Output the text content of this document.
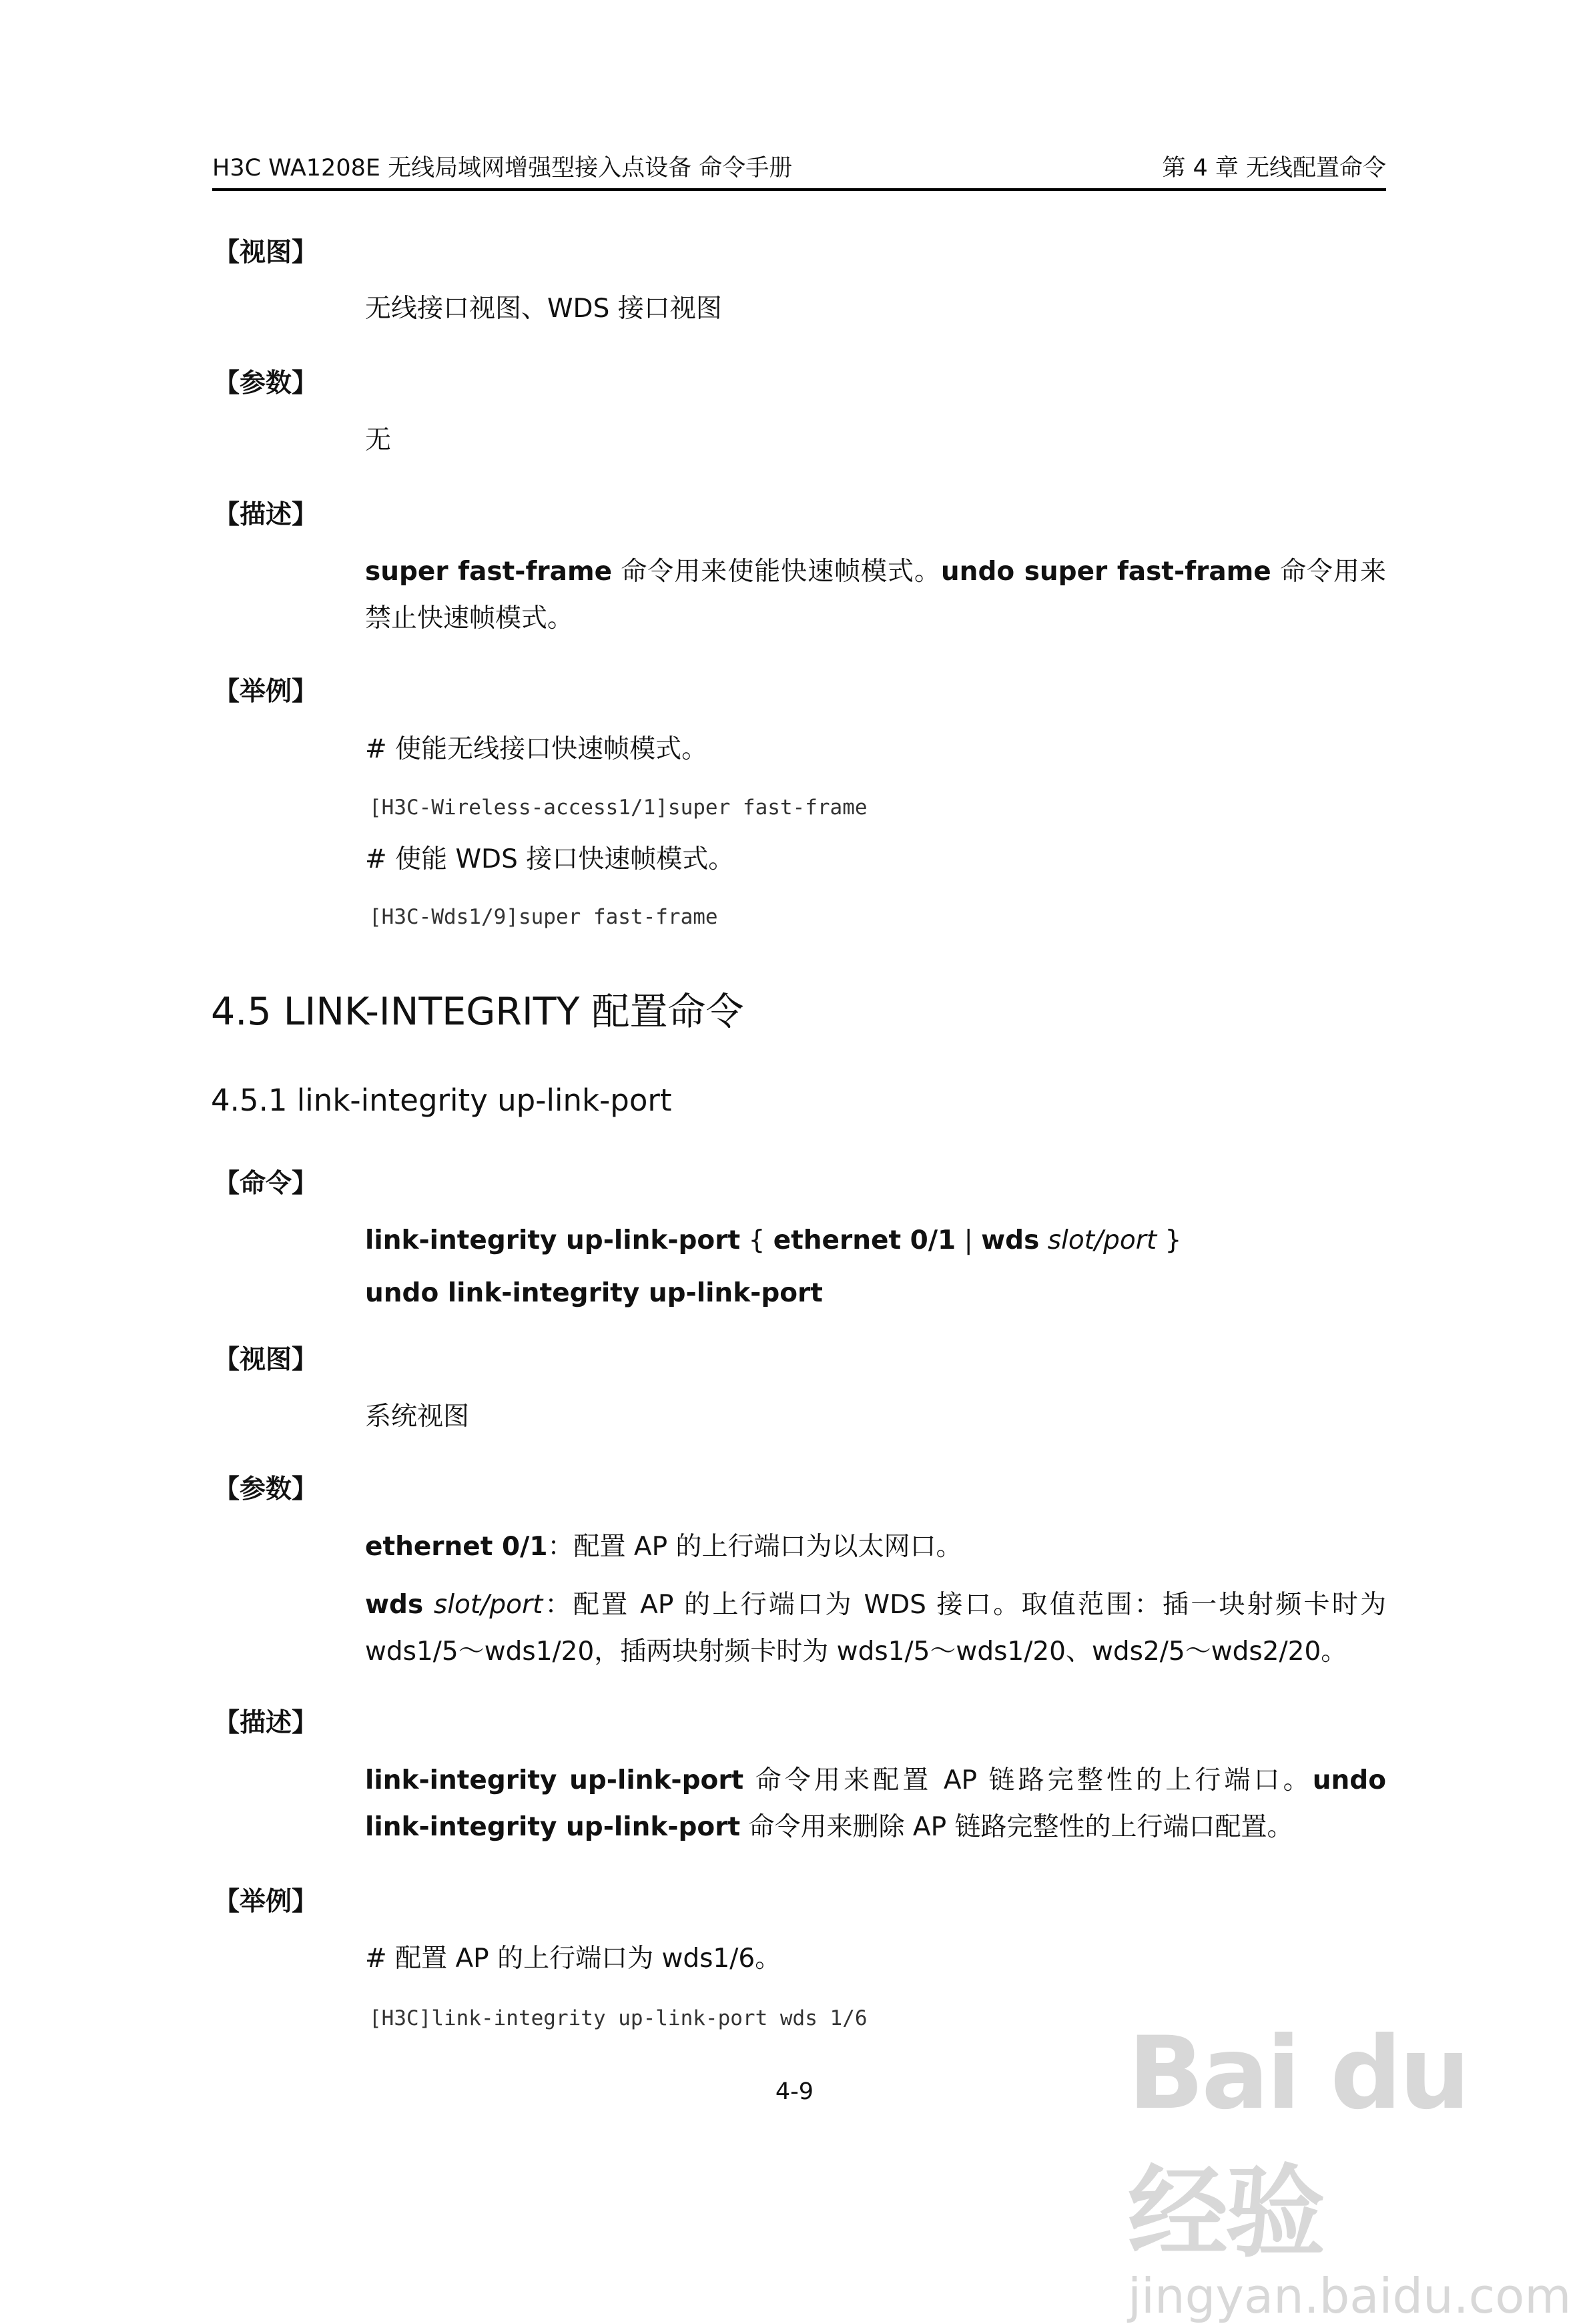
H3C WA1208E 无线局域网增强型接入点设备 命令手册	第 4 章 无线配置命令
【视图】
无线接口视图、WDS 接口视图
【参数】
无
【描述】
super fast-frame 命令用来使能快速帧模式。undo super fast-frame 命令用来禁止快速帧模式。
【举例】
# 使能无线接口快速帧模式。
[H3C-Wireless-access1/1]super fast-frame
# 使能 WDS 接口快速帧模式。
[H3C-Wds1/9]super fast-frame
4.5 LINK-INTEGRITY 配置命令
4.5.1 link-integrity up-link-port
【命令】
link-integrity up-link-port { ethernet 0/1 | wds slot/port }
undo link-integrity up-link-port
【视图】
系统视图
【参数】
ethernet 0/1：配置 AP 的上行端口为以太网口。
wds slot/port：配置 AP 的上行端口为 WDS 接口。取值范围：插一块射频卡时为 wds1/5～wds1/20，插两块射频卡时为 wds1/5～wds1/20、wds2/5～wds2/20。
【描述】
link-integrity up-link-port 命令用来配置 AP 链路完整性的上行端口。undo link-integrity up-link-port 命令用来删除 AP 链路完整性的上行端口配置。
【举例】
# 配置 AP 的上行端口为 wds1/6。
[H3C]link-integrity up-link-port wds 1/6
4-9	Bai du 经验
jingyan.baidu.com
